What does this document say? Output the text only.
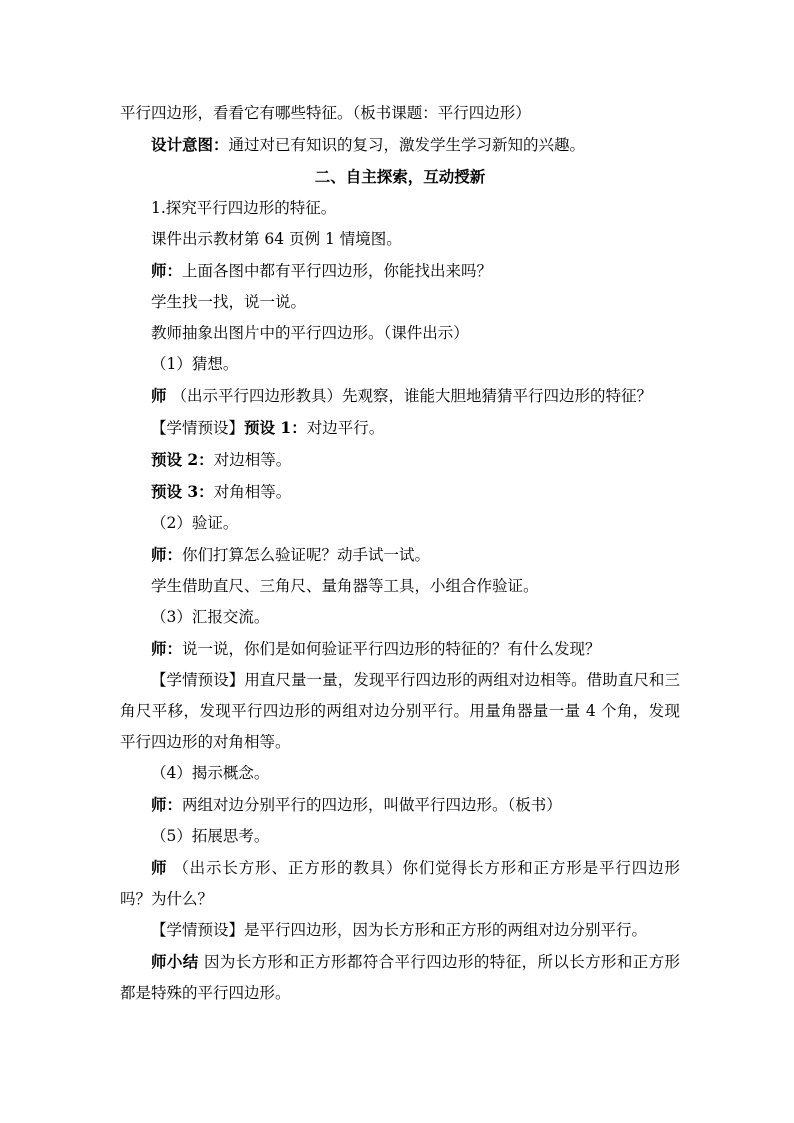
平行四边形，看看它有哪些特征。（板书课题：平行四边形）

设计意图：通过对已有知识的复习，激发学生学习新知的兴趣。

二、自主探索，互动授新

1.探究平行四边形的特征。

课件出示教材第 64 页例 1 情境图。

师：上面各图中都有平行四边形，你能找出来吗？

学生找一找，说一说。

教师抽象出图片中的平行四边形。（课件出示）

（1）猜想。

师 （出示平行四边形教具）先观察，谁能大胆地猜猜平行四边形的特征？

【学情预设】预设 1：对边平行。

预设 2：对边相等。

预设 3：对角相等。

（2）验证。

师：你们打算怎么验证呢？动手试一试。

学生借助直尺、三角尺、量角器等工具，小组合作验证。

（3）汇报交流。

师：说一说，你们是如何验证平行四边形的特征的？有什么发现？

【学情预设】用直尺量一量，发现平行四边形的两组对边相等。借助直尺和三角尺平移，发现平行四边形的两组对边分别平行。用量角器量一量 4 个角，发现平行四边形的对角相等。

（4）揭示概念。

师：两组对边分别平行的四边形，叫做平行四边形。（板书）

（5）拓展思考。

师 （出示长方形、正方形的教具）你们觉得长方形和正方形是平行四边形吗？为什么？

【学情预设】是平行四边形，因为长方形和正方形的两组对边分别平行。

师小结 因为长方形和正方形都符合平行四边形的特征，所以长方形和正方形都是特殊的平行四边形。
